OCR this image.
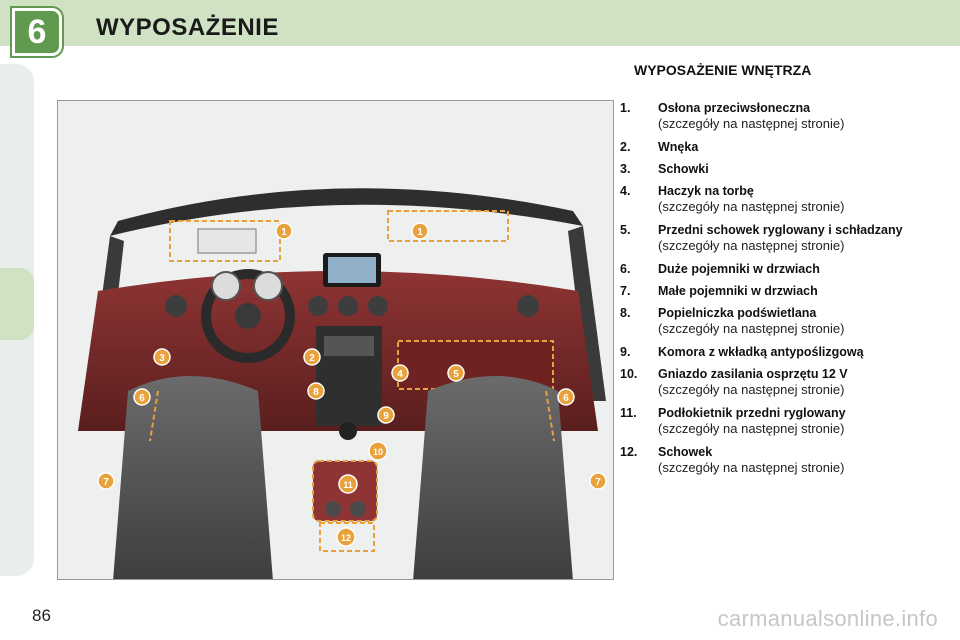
6	WYPOSAŻENIE
1	1
2
3
4	5
6	6
7	7
8
9
10
11
12
WYPOSAŻENIE WNĘTRZA
1.	Osłona przeciwsłoneczna
(szczegóły na następnej stronie)
2.	Wnęka
3.	Schowki
4.	Haczyk na torbę
(szczegóły na następnej stronie)
5.	Przedni schowek ryglowany i schładzany
(szczegóły na następnej stronie)
6.	Duże pojemniki w drzwiach
7.	Małe pojemniki w drzwiach
8.	Popielniczka podświetlana
(szczegóły na następnej stronie)
9.	Komora z wkładką antypoślizgową
10.	Gniazdo zasilania osprzętu 12 V
(szczegóły na następnej stronie)
11.	Podłokietnik przedni ryglowany
(szczegóły na następnej stronie)
12.	Schowek
(szczegóły na następnej stronie)
86	carmanualsonline.info
